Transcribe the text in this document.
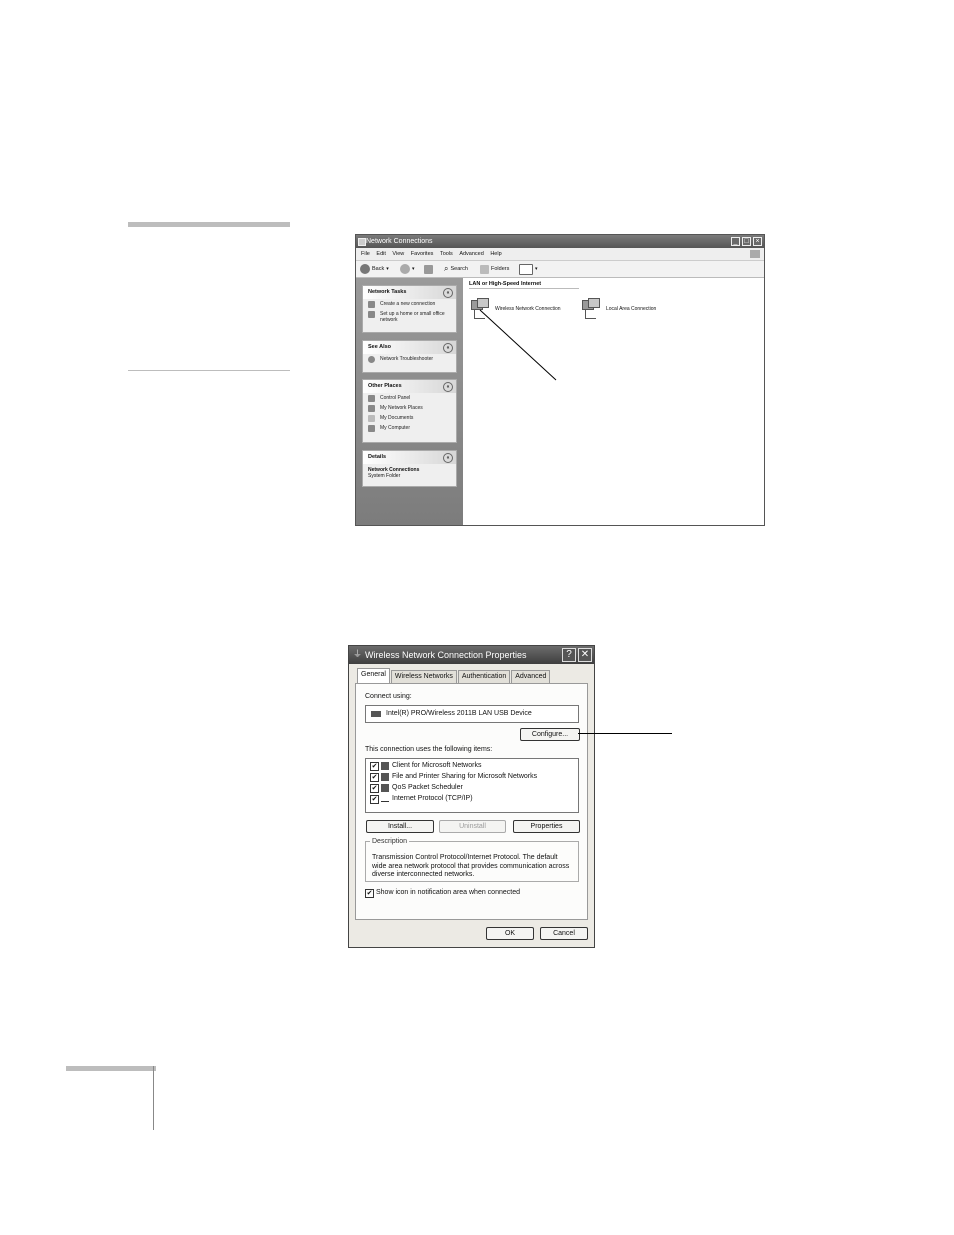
Network Connections	_ □ ×
File Edit View Favorites Tools Advanced Help
Back ▾	▾	⌕ Search	Folders	▾
Network Tasks	«
Create a new connection
Set up a home or small office network
See Also	«
Network Troubleshooter
Other Places	«
Control Panel
My Network Places
My Documents
My Computer
Details	«
Network Connections
System Folder
LAN or High-Speed Internet
Wireless Network Connection	Local Area Connection
⏚ Wireless Network Connection Properties	? ✕
General	Wireless Networks	Authentication	Advanced
Connect using:
Intel(R) PRO/Wireless 2011B LAN USB Device
Configure...
This connection uses the following items:
✔ Client for Microsoft Networks
✔ File and Printer Sharing for Microsoft Networks
✔ QoS Packet Scheduler
✔ Internet Protocol (TCP/IP)
Install...	Uninstall	Properties
Description
Transmission Control Protocol/Internet Protocol. The default wide area network protocol that provides communication across diverse interconnected networks.
✔ Show icon in notification area when connected
OK	Cancel
